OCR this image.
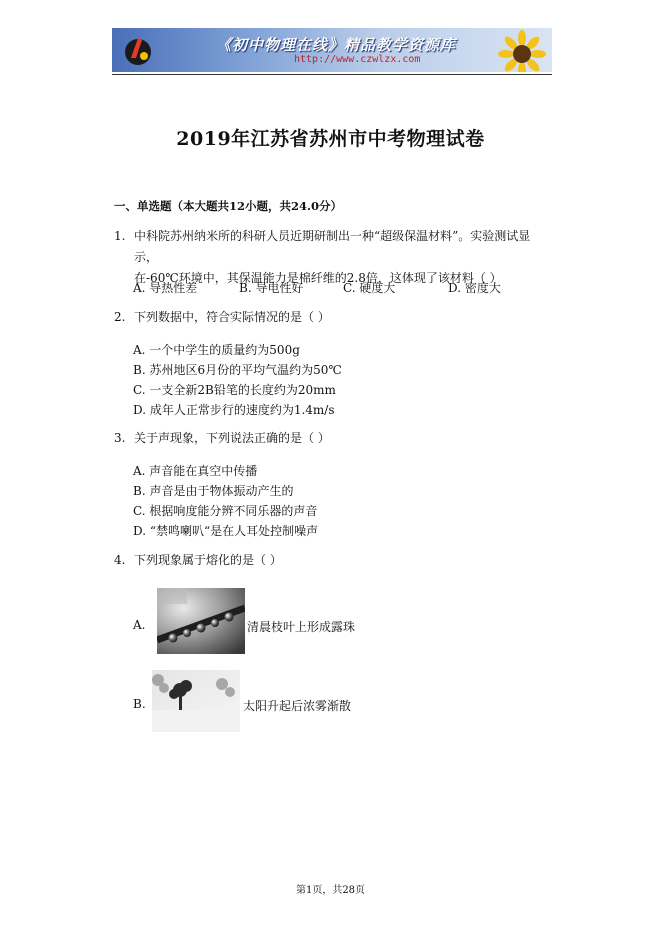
《初中物理在线》精品教学资源库
http://www.czwlzx.com
2019年江苏省苏州市中考物理试卷
一、单选题（本大题共12小题，共24.0分）
1. 中科院苏州纳米所的科研人员近期研制出一种“超级保温材料”。实验测试显示，
在-60℃环境中，其保温能力是棉纤维的2.8倍，这体现了该材料（ ）
A. 导热性差	B. 导电性好	C. 硬度大	D. 密度大
2. 下列数据中，符合实际情况的是（ ）
A. 一个中学生的质量约为500g
B. 苏州地区6月份的平均气温约为50℃
C. 一支全新2B铅笔的长度约为20mm
D. 成年人正常步行的速度约为1.4m/s
3. 关于声现象，下列说法正确的是（ ）
A. 声音能在真空中传播
B. 声音是由于物体振动产生的
C. 根据响度能分辨不同乐器的声音
D. “禁鸣喇叭“是在人耳处控制噪声
4. 下列现象属于熔化的是（ ）
A.	清晨枝叶上形成露珠
B.	太阳升起后浓雾渐散
第1页，共28页
